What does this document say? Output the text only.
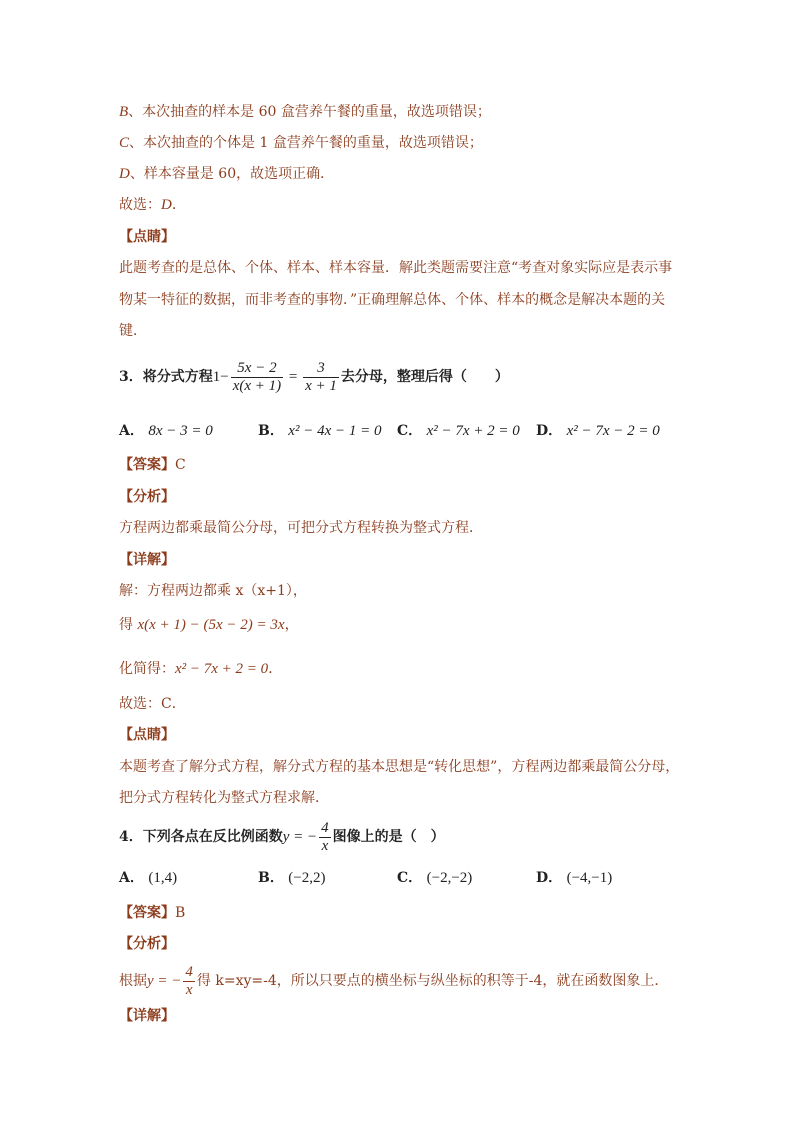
B、本次抽查的样本是 60 盒营养午餐的重量，故选项错误；
C、本次抽查的个体是 1 盒营养午餐的重量，故选项错误；
D、样本容量是 60，故选项正确．
故选：D．
【点睛】
此题考查的是总体、个体、样本、样本容量．解此类题需要注意“考查对象实际应是表示事
物某一特征的数据，而非考查的事物．”正确理解总体、个体、样本的概念是解决本题的关
键．
3．将分式方程$1- \frac{5x - 2}{x(x + 1)} = \frac{3}{x + 1}$ 去分母，整理后得（　　）
A． 8x − 3 = 0	B． x² − 4x − 1 = 0 C． x² − 7x + 2 = 0 D． x² − 7x − 2 = 0
【答案】C
【分析】
方程两边都乘最简公分母，可把分式方程转换为整式方程．
【详解】
解：方程两边都乘 x（x+1），
得 x(x + 1) − (5x − 2) = 3x，
化简得：x² − 7x + 2 = 0．
故选：C．
【点睛】
本题考查了解分式方程，解分式方程的基本思想是“转化思想”，方程两边都乘最简公分母，
把分式方程转化为整式方程求解．
4．下列各点在反比例函数y = − $\frac{4}{x}$ 图像上的是（　）
A． (1,4)	B． (−2,2)	C． (−2,−2)	D． (−4,−1)
【答案】B
【分析】
根据y = − $\frac{4}{x}$ 得 k=xy=-4，所以只要点的横坐标与纵坐标的积等于-4，就在函数图象上．
【详解】
